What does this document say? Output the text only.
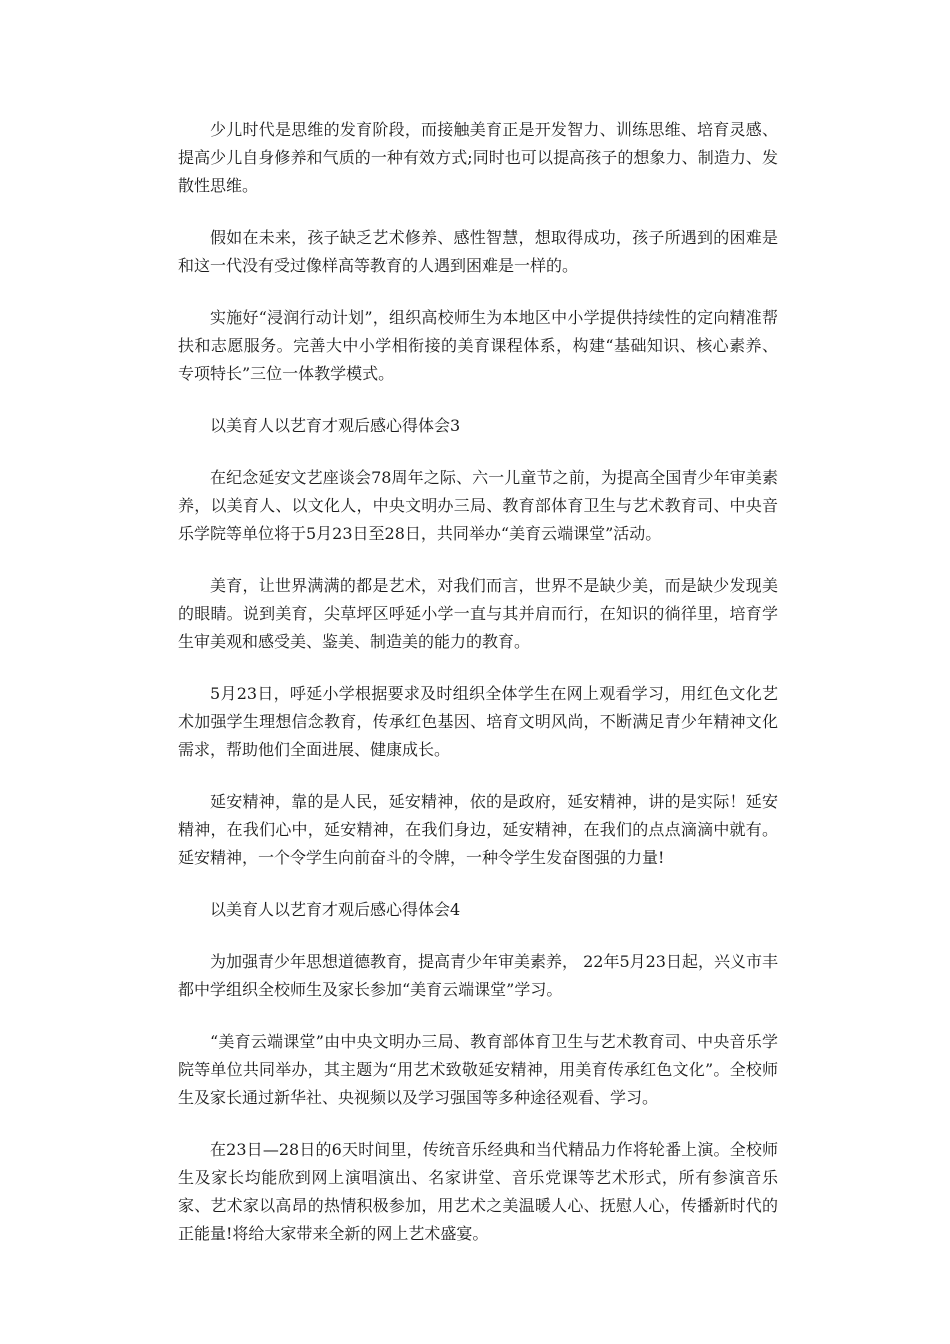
少儿时代是思维的发育阶段，而接触美育正是开发智力、训练思维、培育灵感、提高少儿自身修养和气质的一种有效方式;同时也可以提高孩子的想象力、制造力、发散性思维。

假如在未来，孩子缺乏艺术修养、感性智慧，想取得成功，孩子所遇到的困难是和这一代没有受过像样高等教育的人遇到困难是一样的。

实施好“浸润行动计划”，组织高校师生为本地区中小学提供持续性的定向精准帮扶和志愿服务。完善大中小学相衔接的美育课程体系，构建“基础知识、核心素养、专项特长”三位一体教学模式。

以美育人以艺育才观后感心得体会3

在纪念延安文艺座谈会78周年之际、六一儿童节之前，为提高全国青少年审美素养，以美育人、以文化人，中央文明办三局、教育部体育卫生与艺术教育司、中央音乐学院等单位将于5月23日至28日，共同举办“美育云端课堂”活动。

美育，让世界满满的都是艺术，对我们而言，世界不是缺少美，而是缺少发现美的眼睛。说到美育，尖草坪区呼延小学一直与其并肩而行，在知识的徜徉里，培育学生审美观和感受美、鉴美、制造美的能力的教育。

5月23日，呼延小学根据要求及时组织全体学生在网上观看学习，用红色文化艺术加强学生理想信念教育，传承红色基因、培育文明风尚，不断满足青少年精神文化需求，帮助他们全面进展、健康成长。

延安精神，靠的是人民，延安精神，依的是政府，延安精神，讲的是实际！延安精神，在我们心中，延安精神，在我们身边，延安精神，在我们的点点滴滴中就有。延安精神，一个令学生向前奋斗的令牌，一种令学生发奋图强的力量!

以美育人以艺育才观后感心得体会4

为加强青少年思想道德教育，提高青少年审美素养， 22年5月23日起，兴义市丰都中学组织全校师生及家长参加“美育云端课堂”学习。

“美育云端课堂”由中央文明办三局、教育部体育卫生与艺术教育司、中央音乐学院等单位共同举办，其主题为“用艺术致敬延安精神，用美育传承红色文化”。全校师生及家长通过新华社、央视频以及学习强国等多种途径观看、学习。

在23日—28日的6天时间里，传统音乐经典和当代精品力作将轮番上演。全校师生及家长均能欣到网上演唱演出、名家讲堂、音乐党课等艺术形式，所有参演音乐家、艺术家以高昂的热情积极参加，用艺术之美温暖人心、抚慰人心，传播新时代的正能量!将给大家带来全新的网上艺术盛宴。
